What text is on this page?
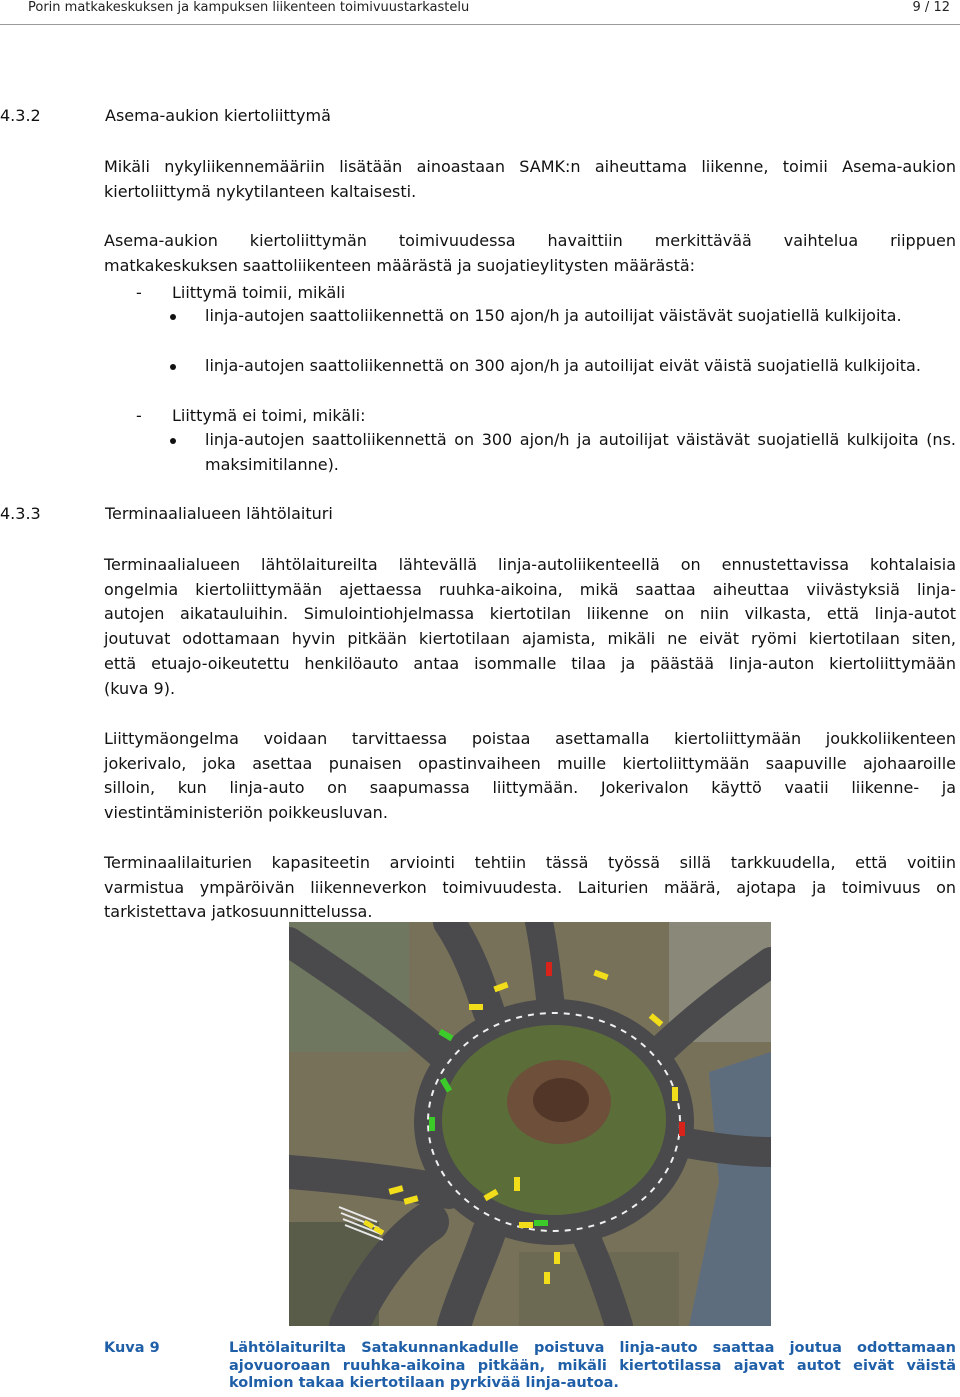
Porin matkakeskuksen ja kampuksen liikenteen toimivuustarkastelu	9 / 12
4.3.2	Asema-aukion kiertoliittymä
Mikäli nykyliikennemääriin lisätään ainoastaan SAMK:n aiheuttama liikenne, toimii Asema-aukion
kiertoliittymä nykytilanteen kaltaisesti.
Asema-aukion kiertoliittymän toimivuudessa havaittiin merkittävää vaihtelua riippuen
matkakeskuksen saattoliikenteen määrästä ja suojatieylitysten määrästä:
- Liittymä toimii, mikäli
linja-autojen saattoliikennettä on 150 ajon/h ja autoilijat väistävät suojatiellä kulkijoita.
linja-autojen saattoliikennettä on 300 ajon/h ja autoilijat eivät väistä suojatiellä kulkijoita.
- Liittymä ei toimi, mikäli:
linja-autojen saattoliikennettä on 300 ajon/h ja autoilijat väistävät suojatiellä kulkijoita (ns. maksimitilanne).
4.3.3	Terminaalialueen lähtölaituri
Terminaalialueen lähtölaitureilta lähtevällä linja-autoliikenteellä on ennustettavissa kohtalaisia
ongelmia kiertoliittymään ajettaessa ruuhka-aikoina, mikä saattaa aiheuttaa viivästyksiä linja-
autojen aikatauluihin. Simulointiohjelmassa kiertotilan liikenne on niin vilkasta, että linja-autot
joutuvat odottamaan hyvin pitkään kiertotilaan ajamista, mikäli ne eivät ryömi kiertotilaan siten,
että etuajo-oikeutettu henkilöauto antaa isommalle tilaa ja päästää linja-auton kiertoliittymään
(kuva 9).
Liittymäongelma voidaan tarvittaessa poistaa asettamalla kiertoliittymään joukkoliikenteen
jokerivalo, joka asettaa punaisen opastinvaiheen muille kiertoliittymään saapuville ajohaaroille
silloin, kun linja-auto on saapumassa liittymään. Jokerivalon käyttö vaatii liikenne- ja
viestintäministeriön poikkeusluvan.
Terminaalilaiturien kapasiteetin arviointi tehtiin tässä työssä sillä tarkkuudella, että voitiin
varmistua ympäröivän liikenneverkon toimivuudesta. Laiturien määrä, ajotapa ja toimivuus on
tarkistettava jatkosuunnittelussa.
Kuva 9	Lähtölaiturilta Satakunnankadulle poistuva linja-auto saattaa joutua odottamaan ajovuoroaan ruuhka-aikoina pitkään, mikäli kiertotilassa ajavat autot eivät väistä kolmion takaa kiertotilaan pyrkivää linja-autoa.
